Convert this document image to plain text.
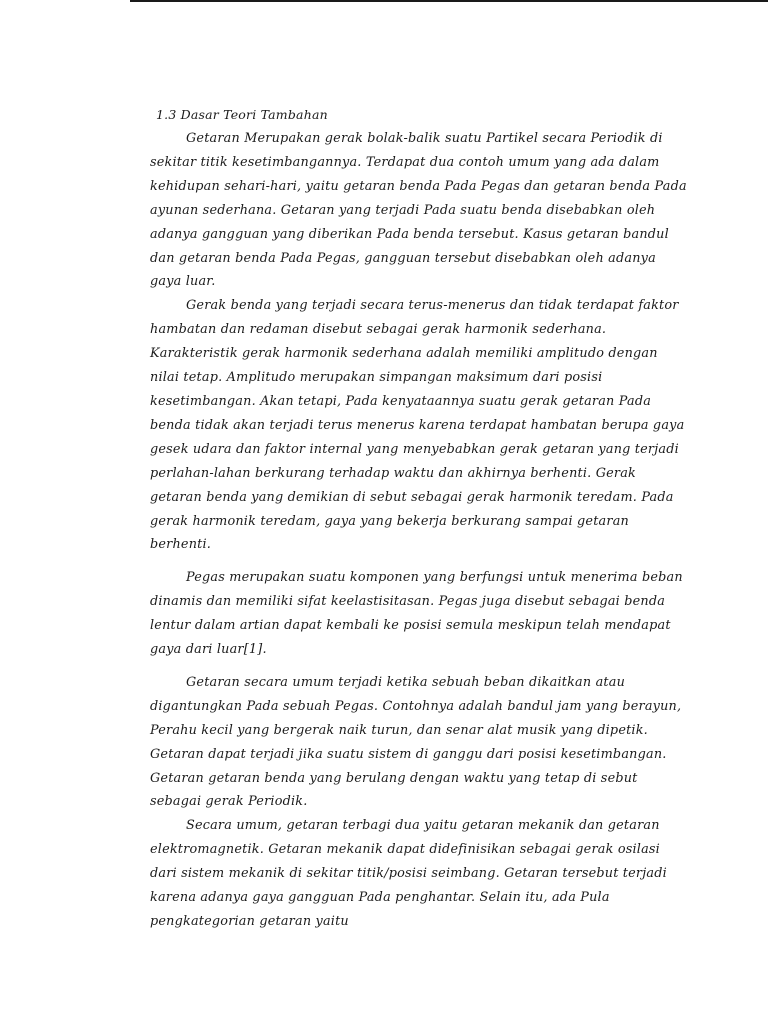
1.3 Dasar Teori Tambahan

Getaran Merupakan gerak bolak-balik suatu Partikel secara Periodik di sekitar titik kesetimbangannya. Terdapat dua contoh umum yang ada dalam kehidupan sehari-hari, yaitu getaran benda Pada Pegas dan getaran benda Pada ayunan sederhana. Getaran yang terjadi Pada suatu benda disebabkan oleh adanya gangguan yang diberikan Pada benda tersebut. Kasus getaran bandul dan getaran benda Pada Pegas, gangguan tersebut disebabkan oleh adanya gaya luar.

Gerak benda yang terjadi secara terus-menerus dan tidak terdapat faktor hambatan dan redaman disebut sebagai gerak harmonik sederhana. Karakteristik gerak harmonik sederhana adalah memiliki amplitudo dengan nilai tetap. Amplitudo merupakan simpangan maksimum dari posisi kesetimbangan. Akan tetapi, Pada kenyataannya suatu gerak getaran Pada benda tidak akan terjadi terus menerus karena terdapat hambatan berupa gaya gesek udara dan faktor internal yang menyebabkan gerak getaran yang terjadi perlahan-lahan berkurang terhadap waktu dan akhirnya berhenti. Gerak getaran benda yang demikian di sebut sebagai gerak harmonik teredam. Pada gerak harmonik teredam, gaya yang bekerja berkurang sampai getaran berhenti.

Pegas merupakan suatu komponen yang berfungsi untuk menerima beban dinamis dan memiliki sifat keelastisitasan. Pegas juga disebut sebagai benda lentur dalam artian dapat kembali ke posisi semula meskipun telah mendapat gaya dari luar[1].

Getaran secara umum terjadi ketika sebuah beban dikaitkan atau digantungkan Pada sebuah Pegas. Contohnya adalah bandul jam yang berayun, Perahu kecil yang bergerak naik turun, dan senar alat musik yang dipetik. Getaran dapat terjadi jika suatu sistem di ganggu dari posisi kesetimbangan. Getaran getaran benda yang berulang dengan waktu yang tetap di sebut sebagai gerak Periodik.

Secara umum, getaran terbagi dua yaitu getaran mekanik dan getaran elektromagnetik. Getaran mekanik dapat didefinisikan sebagai gerak osilasi dari sistem mekanik di sekitar titik/posisi seimbang. Getaran tersebut terjadi karena adanya gaya gangguan Pada penghantar. Selain itu, ada Pula pengkategorian getaran yaitu
